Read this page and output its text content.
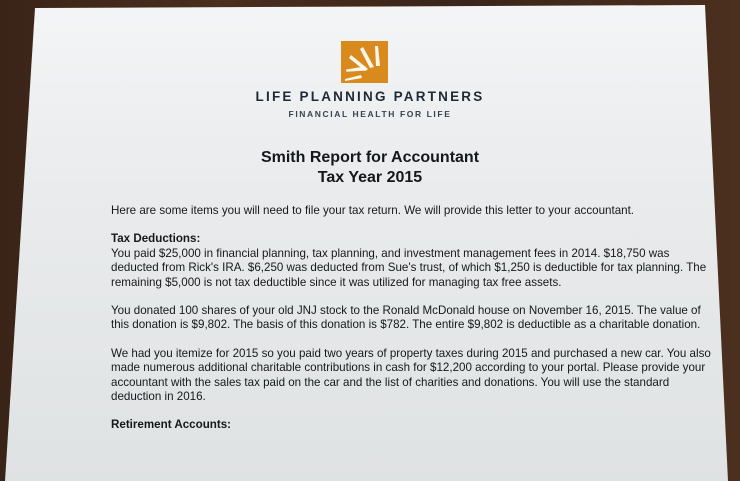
LIFE PLANNING PARTNERS
FINANCIAL HEALTH FOR LIFE
Smith Report for Accountant
Tax Year 2015

Here are some items you will need to file your tax return. We will provide this letter to your accountant.

Tax Deductions:
You paid $25,000 in financial planning, tax planning, and investment management fees in 2014. $18,750 was deducted from Rick's IRA. $6,250 was deducted from Sue's trust, of which $1,250 is deductible for tax planning. The remaining $5,000 is not tax deductible since it was utilized for managing tax free assets.

You donated 100 shares of your old JNJ stock to the Ronald McDonald house on November 16, 2015. The value of this donation is $9,802. The basis of this donation is $782. The entire $9,802 is deductible as a charitable donation.

We had you itemize for 2015 so you paid two years of property taxes during 2015 and purchased a new car. You also made numerous additional charitable contributions in cash for $12,200 according to your portal. Please provide your accountant with the sales tax paid on the car and the list of charities and donations. You will use the standard deduction in 2016.

Retirement Accounts:
